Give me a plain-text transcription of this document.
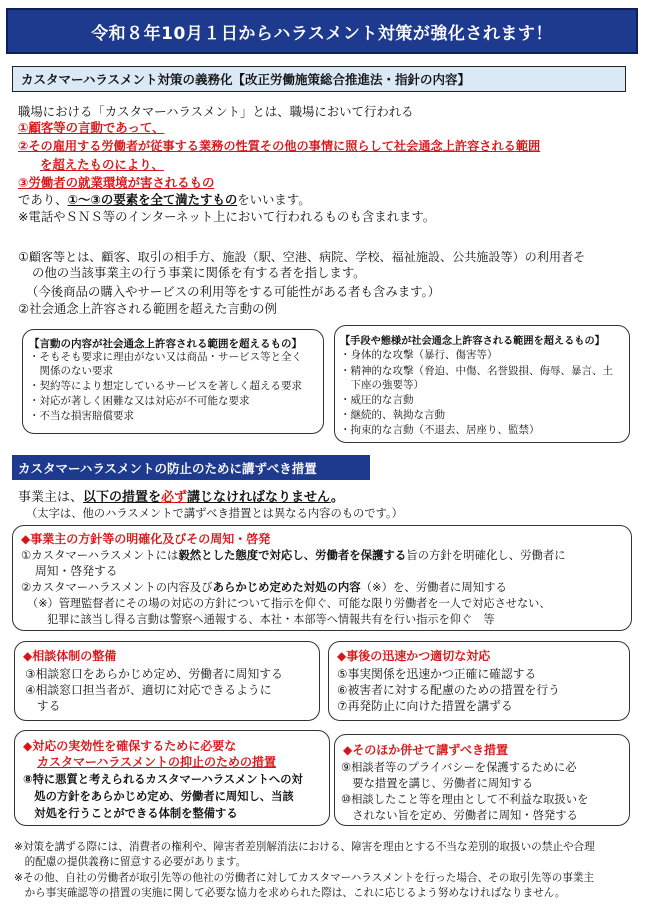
令和８年10月１日からハラスメント対策が強化されます！
カスタマーハラスメント対策の義務化【改正労働施策総合推進法・指針の内容】
職場における「カスタマーハラスメント」とは、職場において行われる
①顧客等の言動であって、
②その雇用する労働者が従事する業務の性質その他の事情に照らして社会通念上許容される範囲
を超えたものにより、
③労働者の就業環境が害されるもの
であり、①～③の要素を全て満たすものをいいます。
※電話やＳＮＳ等のインターネット上において行われるものも含まれます。
①顧客等とは、顧客、取引の相手方、施設（駅、空港、病院、学校、福祉施設、公共施設等）の利用者そ
の他の当該事業主の行う事業に関係を有する者を指します。
（今後商品の購入やサービスの利用等をする可能性がある者も含みます。）
②社会通念上許容される範囲を超えた言動の例
【言動の内容が社会通念上許容される範囲を超えるもの】
・そもそも要求に理由がない又は商品・サービス等と全く
　関係のない要求
・契約等により想定しているサービスを著しく超える要求
・対応が著しく困難な又は対応が不可能な要求
・不当な損害賠償要求
【手段や態様が社会通念上許容される範囲を超えるもの】
・身体的な攻撃（暴行、傷害等）
・精神的な攻撃（脅迫、中傷、名誉毀損、侮辱、暴言、土
　下座の強要等）
・威圧的な言動
・継続的、執拗な言動
・拘束的な言動（不退去、居座り、監禁）
カスタマーハラスメントの防止のために講ずべき措置
事業主は、以下の措置を必ず講じなければなりません。
（太字は、他のハラスメントで講ずべき措置とは異なる内容のものです。）
◆事業主の方針等の明確化及びその周知・啓発
①カスタマーハラスメントには毅然とした態度で対応し、労働者を保護する旨の方針を明確化し、労働者に
周知・啓発する
②カスタマーハラスメントの内容及びあらかじめ定めた対処の内容（※）を、労働者に周知する
（※）管理監督者にその場の対応の方針について指示を仰ぐ、可能な限り労働者を一人で対応させない、
犯罪に該当し得る言動は警察へ通報する、本社・本部等へ情報共有を行い指示を仰ぐ　等
◆相談体制の整備
③相談窓口をあらかじめ定め、労働者に周知する
④相談窓口担当者が、適切に対応できるように
　する
◆事後の迅速かつ適切な対応
⑤事実関係を迅速かつ正確に確認する
⑥被害者に対する配慮のための措置を行う
⑦再発防止に向けた措置を講ずる
◆対応の実効性を確保するために必要な
カスタマーハラスメントの抑止のための措置
⑧特に悪質と考えられるカスタマーハラスメントへの対
　処の方針をあらかじめ定め、労働者に周知し、当該
　対処を行うことができる体制を整備する
◆そのほか併せて講ずべき措置
⑨相談者等のプライバシーを保護するために必
　要な措置を講じ、労働者に周知する
⑩相談したこと等を理由として不利益な取扱いを
　されない旨を定め、労働者に周知・啓発する
※対策を講ずる際には、消費者の権利や、障害者差別解消法における、障害を理由とする不当な差別的取扱いの禁止や合理
　的配慮の提供義務に留意する必要があります。
※その他、自社の労働者が取引先等の他社の労働者に対してカスタマーハラスメントを行った場合、その取引先等の事業主
　から事実確認等の措置の実施に関して必要な協力を求められた際は、これに応じるよう努めなければなりません。
